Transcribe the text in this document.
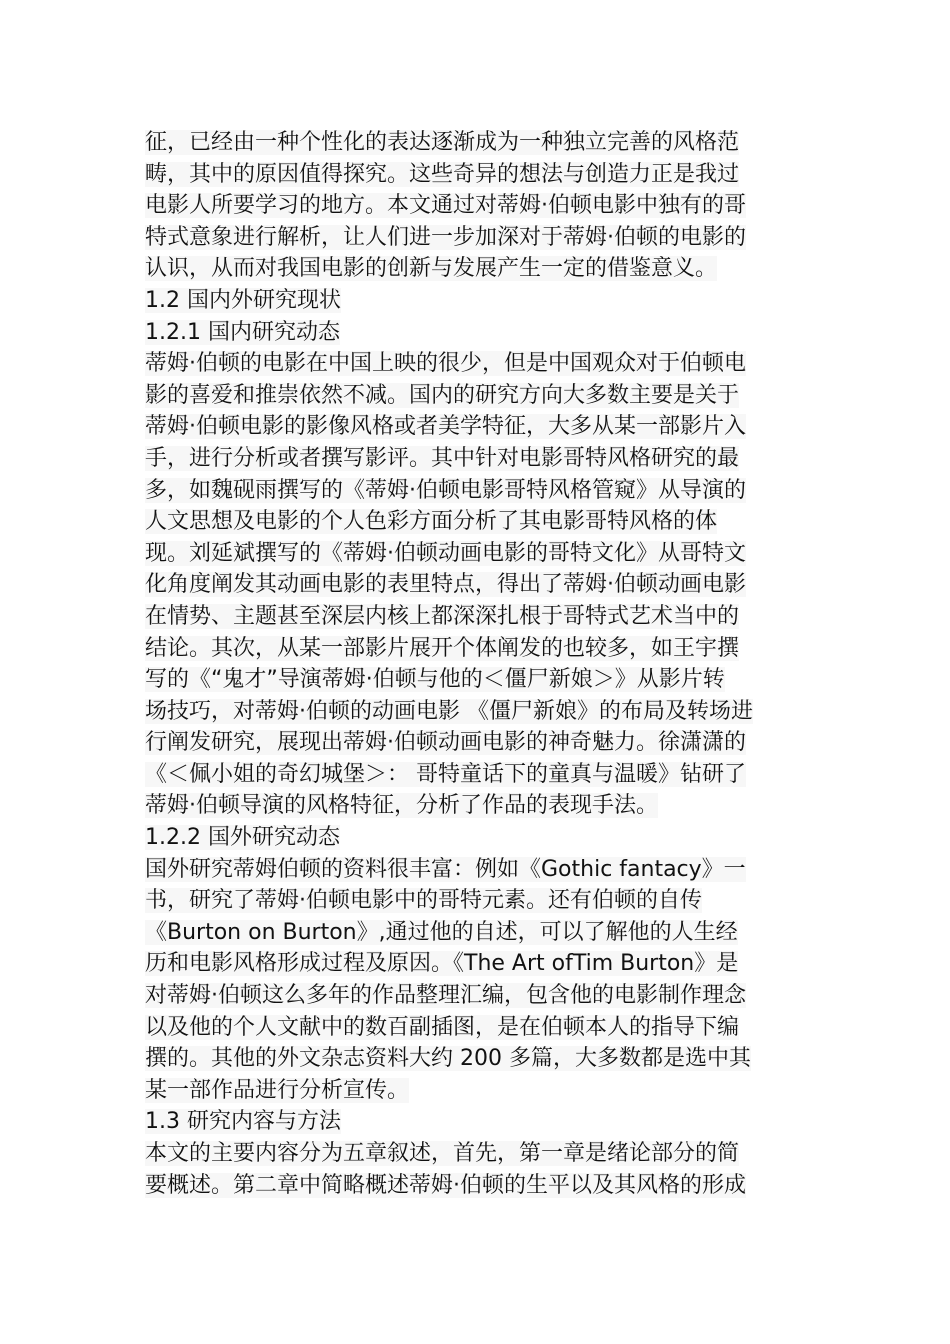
征，已经由一种个性化的表达逐渐成为一种独立完善的风格范
畴，其中的原因值得探究。这些奇异的想法与创造力正是我过
电影人所要学习的地方。本文通过对蒂姆·伯顿电影中独有的哥
特式意象进行解析，让人们进一步加深对于蒂姆·伯顿的电影的
认识，从而对我国电影的创新与发展产生一定的借鉴意义。
1.2 国内外研究现状
1.2.1 国内研究动态
蒂姆·伯顿的电影在中国上映的很少，但是中国观众对于伯顿电
影的喜爱和推崇依然不减。国内的研究方向大多数主要是关于
蒂姆·伯顿电影的影像风格或者美学特征，大多从某一部影片入
手，进行分析或者撰写影评。其中针对电影哥特风格研究的最
多，如魏砚雨撰写的《蒂姆·伯顿电影哥特风格管窥》从导演的
人文思想及电影的个人色彩方面分析了其电影哥特风格的体
现。刘延斌撰写的《蒂姆·伯顿动画电影的哥特文化》从哥特文
化角度阐发其动画电影的表里特点，得出了蒂姆·伯顿动画电影
在情势、主题甚至深层内核上都深深扎根于哥特式艺术当中的
结论。其次，从某一部影片展开个体阐发的也较多，如王宇撰
写的《“鬼才”导演蒂姆·伯顿与他的＜僵尸新娘＞》从影片转
场技巧，对蒂姆·伯顿的动画电影 《僵尸新娘》的布局及转场进
行阐发研究，展现出蒂姆·伯顿动画电影的神奇魅力。徐潇潇的
《＜佩小姐的奇幻城堡＞： 哥特童话下的童真与温暖》钻研了
蒂姆·伯顿导演的风格特征，分析了作品的表现手法。
1.2.2 国外研究动态
国外研究蒂姆伯顿的资料很丰富：例如《Gothic fantacy》一
书，研究了蒂姆·伯顿电影中的哥特元素。还有伯顿的自传
《Burton on Burton》,通过他的自述，可以了解他的人生经
历和电影风格形成过程及原因。《The Art ofTim Burton》是
对蒂姆·伯顿这么多年的作品整理汇编，包含他的电影制作理念
以及他的个人文献中的数百副插图，是在伯顿本人的指导下编
撰的。其他的外文杂志资料大约 200 多篇，大多数都是选中其
某一部作品进行分析宣传。
1.3 研究内容与方法
本文的主要内容分为五章叙述，首先，第一章是绪论部分的简
要概述。第二章中简略概述蒂姆·伯顿的生平以及其风格的形成
